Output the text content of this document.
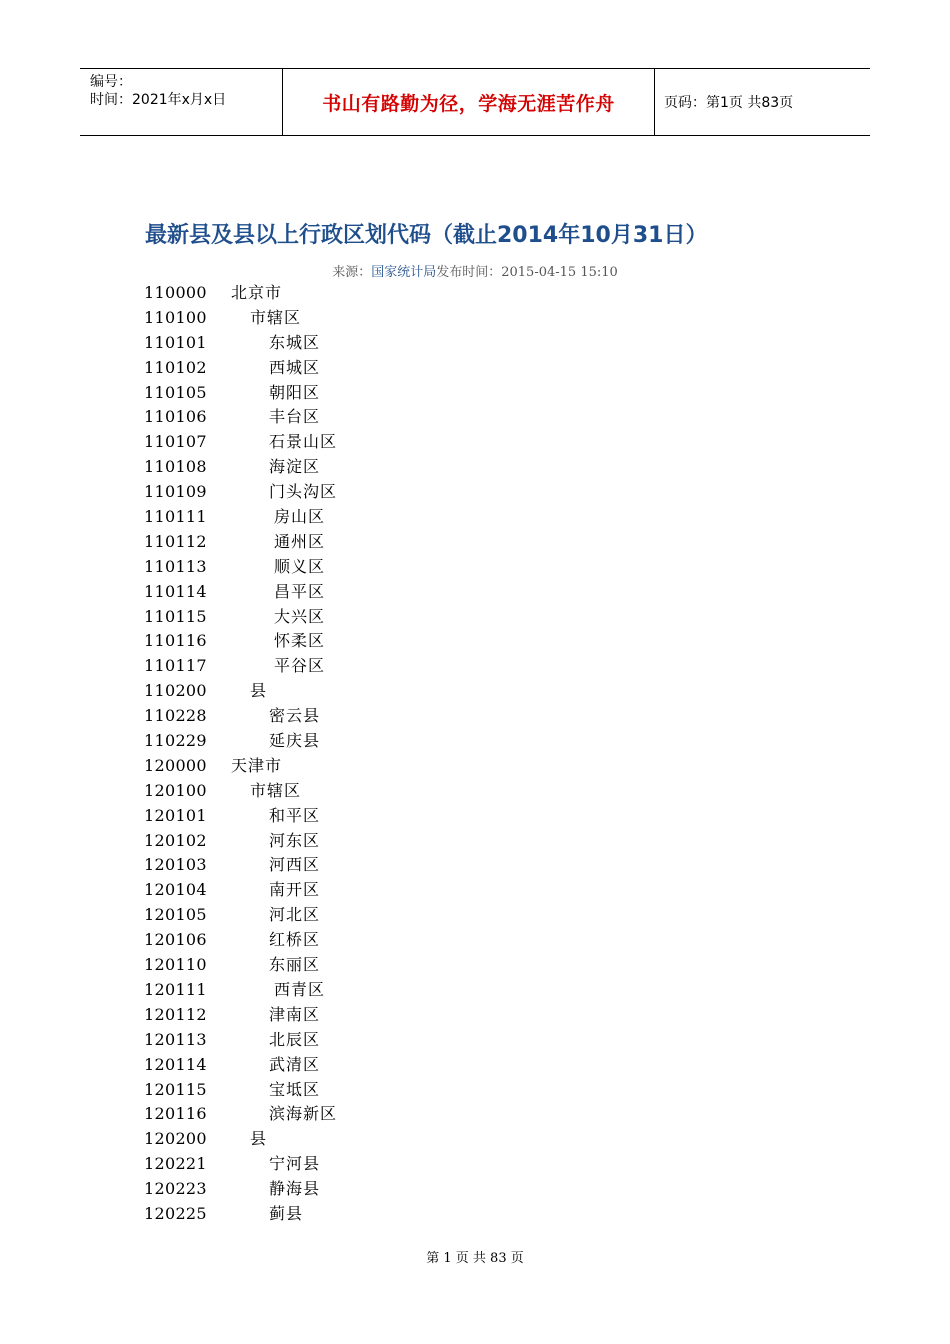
编号：
时间：2021年x月x日	书山有路勤为径，学海无涯苦作舟	页码：第1页 共83页
最新县及县以上行政区划代码（截止2014年10月31日）
来源：国家统计局发布时间：2015-04-15 15:10
110000 北京市
110100	市辖区
110101	东城区
110102	西城区
110105	朝阳区
110106	丰台区
110107	石景山区
110108	海淀区
110109	门头沟区
110111	房山区
110112	通州区
110113	顺义区
110114	昌平区
110115	大兴区
110116	怀柔区
110117	平谷区
110200	县
110228	密云县
110229	延庆县
120000 天津市
120100	市辖区
120101	和平区
120102	河东区
120103	河西区
120104	南开区
120105	河北区
120106	红桥区
120110	东丽区
120111	西青区
120112	津南区
120113	北辰区
120114	武清区
120115	宝坻区
120116	滨海新区
120200	县
120221	宁河县
120223	静海县
120225	蓟县
第 1 页 共 83 页
